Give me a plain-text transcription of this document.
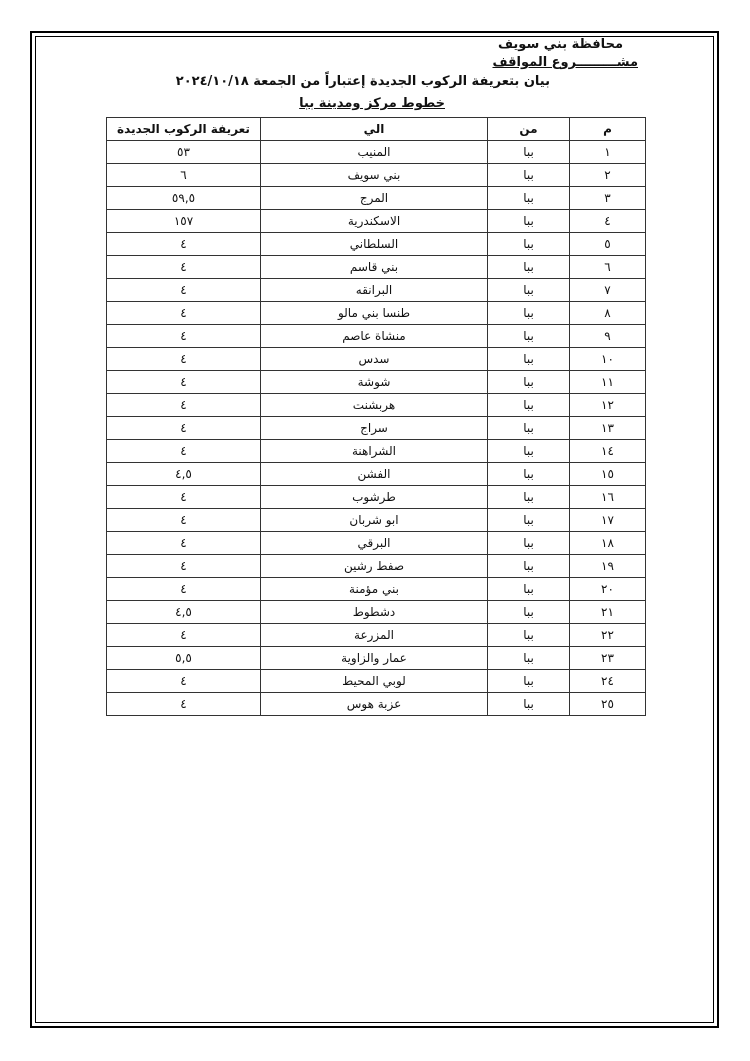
محافظة بني سويف
مشـــــــــروع المواقف
بيان بتعريفة الركوب الجديدة إعتباراً من الجمعة ٢٠٢٤/١٠/١٨
خطوط مركز ومدينة ببا
م	من	الي	تعريفة الركوب الجديدة
١	ببا	المنيب	٥٣
٢	ببا	بني سويف	٦
٣	ببا	المرج	٥٩,٥
٤	ببا	الاسكندرية	١٥٧
٥	ببا	السلطاني	٤
٦	ببا	بني قاسم	٤
٧	ببا	البرانقه	٤
٨	ببا	طنسا بني مالو	٤
٩	ببا	منشاة عاصم	٤
١٠	ببا	سدس	٤
١١	ببا	شوشة	٤
١٢	ببا	هربشنت	٤
١٣	ببا	سراج	٤
١٤	ببا	الشراهنة	٤
١٥	ببا	الفشن	٤,٥
١٦	ببا	طرشوب	٤
١٧	ببا	ابو شربان	٤
١٨	ببا	البرقي	٤
١٩	ببا	صفط رشين	٤
٢٠	ببا	بني مؤمنة	٤
٢١	ببا	دشطوط	٤,٥
٢٢	ببا	المزرعة	٤
٢٣	ببا	عمار والزاوية	٥,٥
٢٤	ببا	لوبي المحيط	٤
٢٥	ببا	عزبة هوس	٤
